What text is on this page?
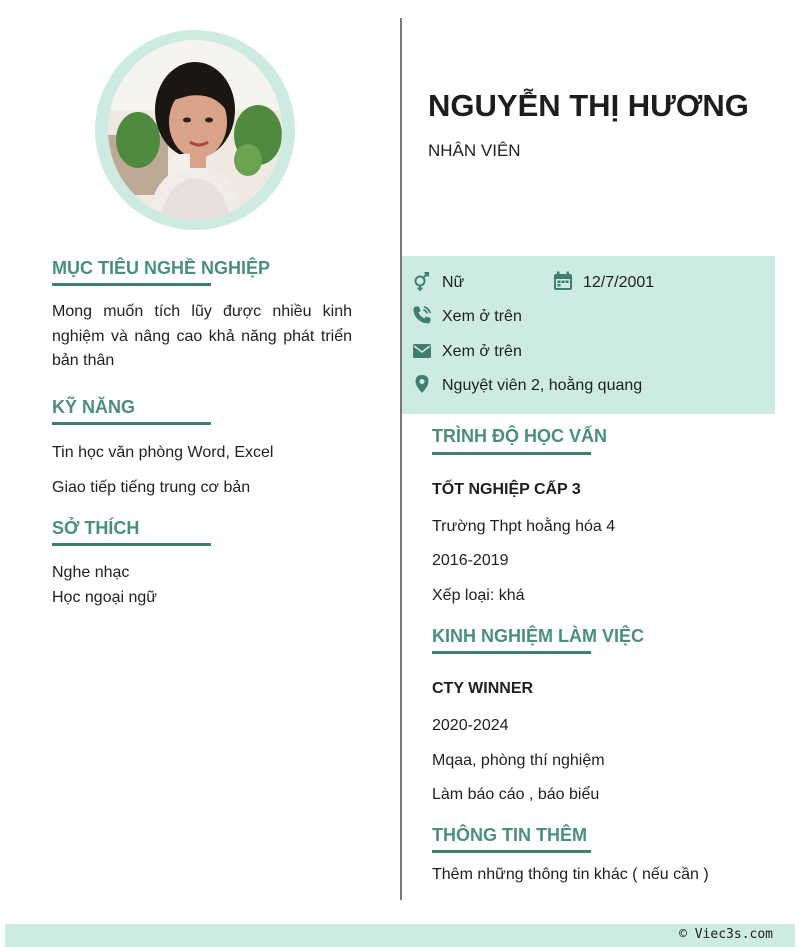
MỤC TIÊU NGHỀ NGHIỆP
Mong muốn tích lũy được nhiều kinh nghiệm và nâng cao khả năng phát triển bản thân
KỸ NĂNG
Tin học văn phòng Word, Excel
Giao tiếp tiếng trung cơ bản
SỞ THÍCH
Nghe nhạc
Học ngoại ngữ
NGUYỄN THỊ HƯƠNG
NHÂN VIÊN
Nữ	12/7/2001
Xem ở trên
Xem ở trên
Nguyệt viên 2, hoằng quang
TRÌNH ĐỘ HỌC VẤN
TỐT NGHIỆP CẤP 3
Trường Thpt hoằng hóa 4
2016-2019
Xếp loại: khá
KINH NGHIỆM LÀM VIỆC
CTY WINNER
2020-2024
Mqaa, phòng thí nghiệm
Làm báo cáo , báo biểu
THÔNG TIN THÊM
Thêm những thông tin khác ( nếu cần )
© Viec3s.com
